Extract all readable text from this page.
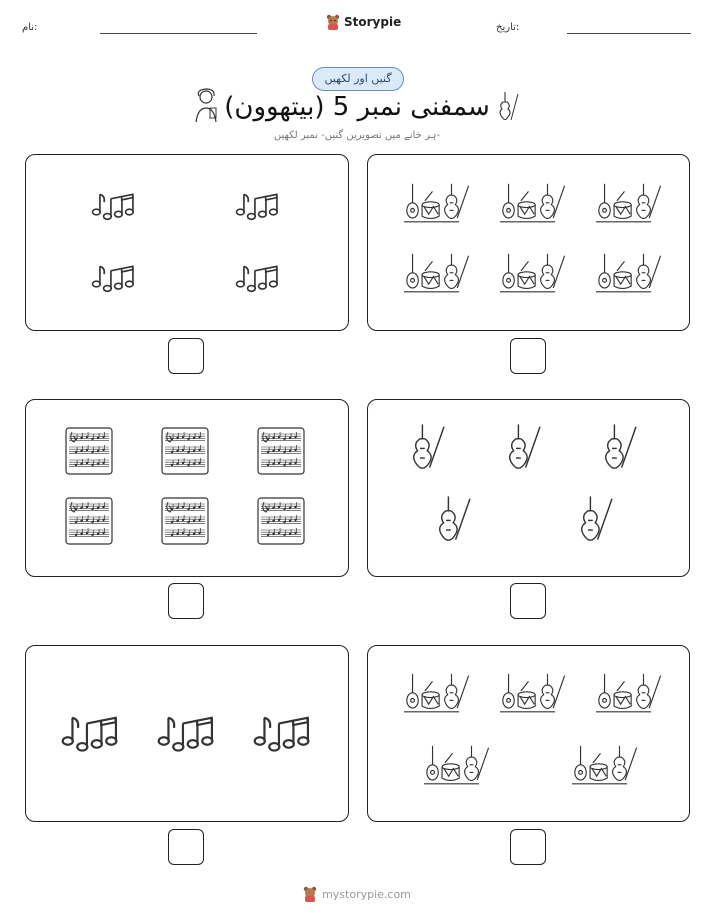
نام:	Storypie	تاریخ:
گنیں اور لکھیں
سمفنی نمبر 5 (بیتھوون)
ہر خانے میں تصویریں گنیں- نمبر لکھیں-
mystorypie.com
